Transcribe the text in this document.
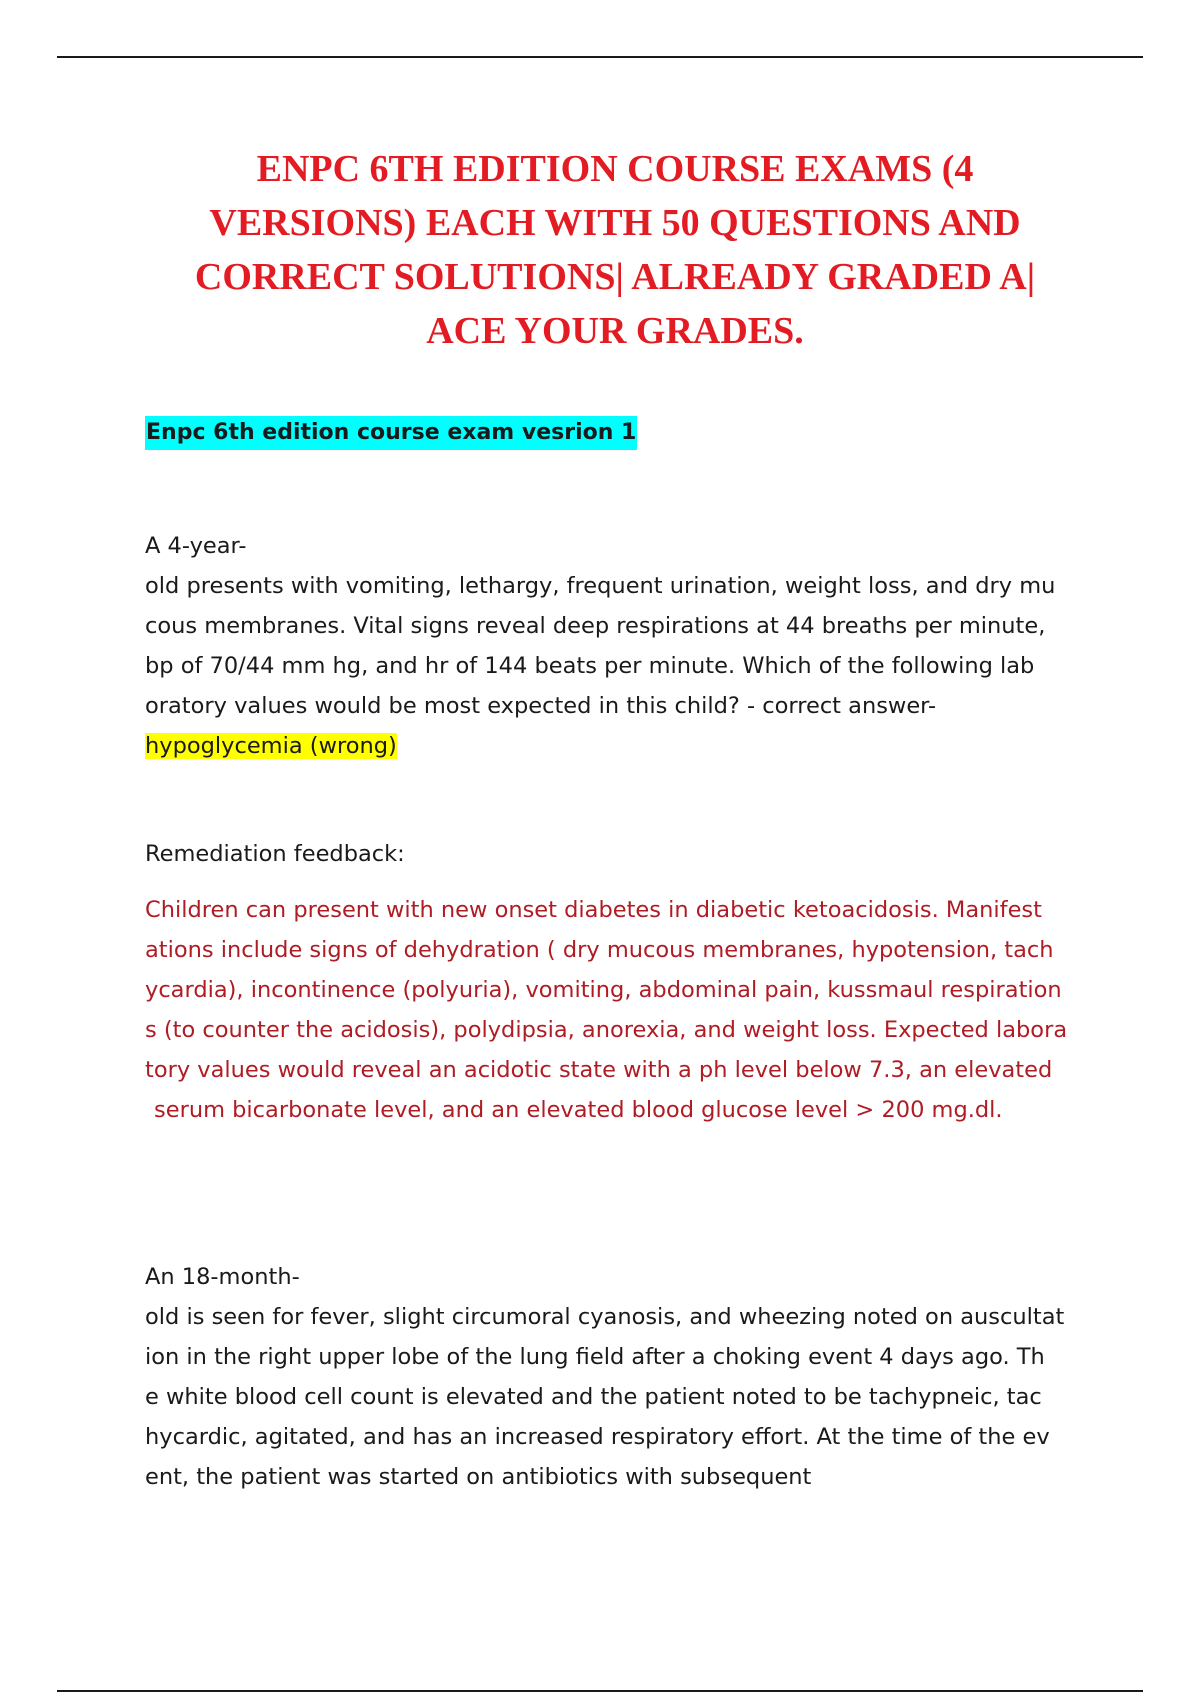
ENPC 6TH EDITION COURSE EXAMS (4
VERSIONS) EACH WITH 50 QUESTIONS AND
CORRECT SOLUTIONS| ALREADY GRADED A|
ACE YOUR GRADES.
Enpc 6th edition course exam vesrion 1
A 4-year-
old presents with vomiting, lethargy, frequent urination, weight loss, and dry mu
cous membranes. Vital signs reveal deep respirations at 44 breaths per minute,
bp of 70/44 mm hg, and hr of 144 beats per minute. Which of the following lab
oratory values would be most expected in this child? - correct answer-
hypoglycemia (wrong)
Remediation feedback:
Children can present with new onset diabetes in diabetic ketoacidosis. Manifest
ations include signs of dehydration ( dry mucous membranes, hypotension, tach
ycardia), incontinence (polyuria), vomiting, abdominal pain, kussmaul respiration
s (to counter the acidosis), polydipsia, anorexia, and weight loss. Expected labora
tory values would reveal an acidotic state with a ph level below 7.3, an elevated
serum bicarbonate level, and an elevated blood glucose level > 200 mg.dl.
An 18-month-
old is seen for fever, slight circumoral cyanosis, and wheezing noted on auscultat
ion in the right upper lobe of the lung field after a choking event 4 days ago. Th
e white blood cell count is elevated and the patient noted to be tachypneic, tac
hycardic, agitated, and has an increased respiratory effort. At the time of the ev
ent, the patient was started on antibiotics with subsequent
